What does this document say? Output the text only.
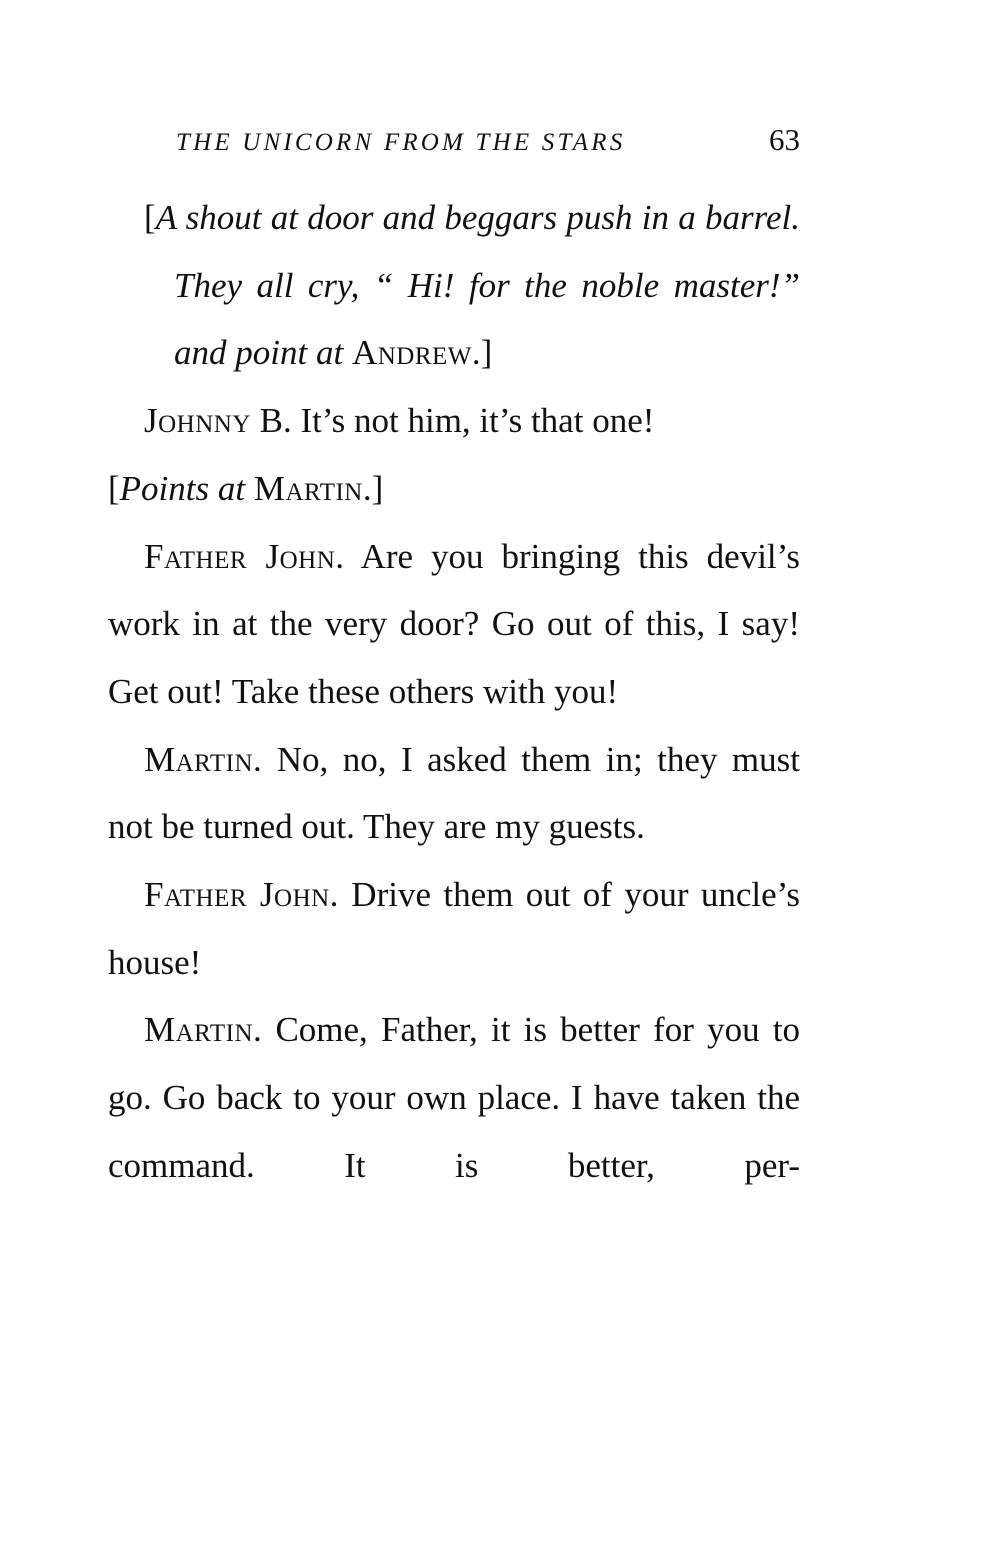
THE UNICORN FROM THE STARS	63

[A shout at door and beggars push in a barrel. They all cry, “ Hi! for the noble master!” and point at Andrew.]

Johnny B. It’s not him, it’s that one!
[Points at Martin.]

Father John. Are you bringing this devil’s work in at the very door? Go out of this, I say! Get out! Take these others with you!

Martin. No, no, I asked them in; they must not be turned out. They are my guests.

Father John. Drive them out of your uncle’s house!

Martin. Come, Father, it is better for you to go. Go back to your own place. I have taken the command. It is better, per-
